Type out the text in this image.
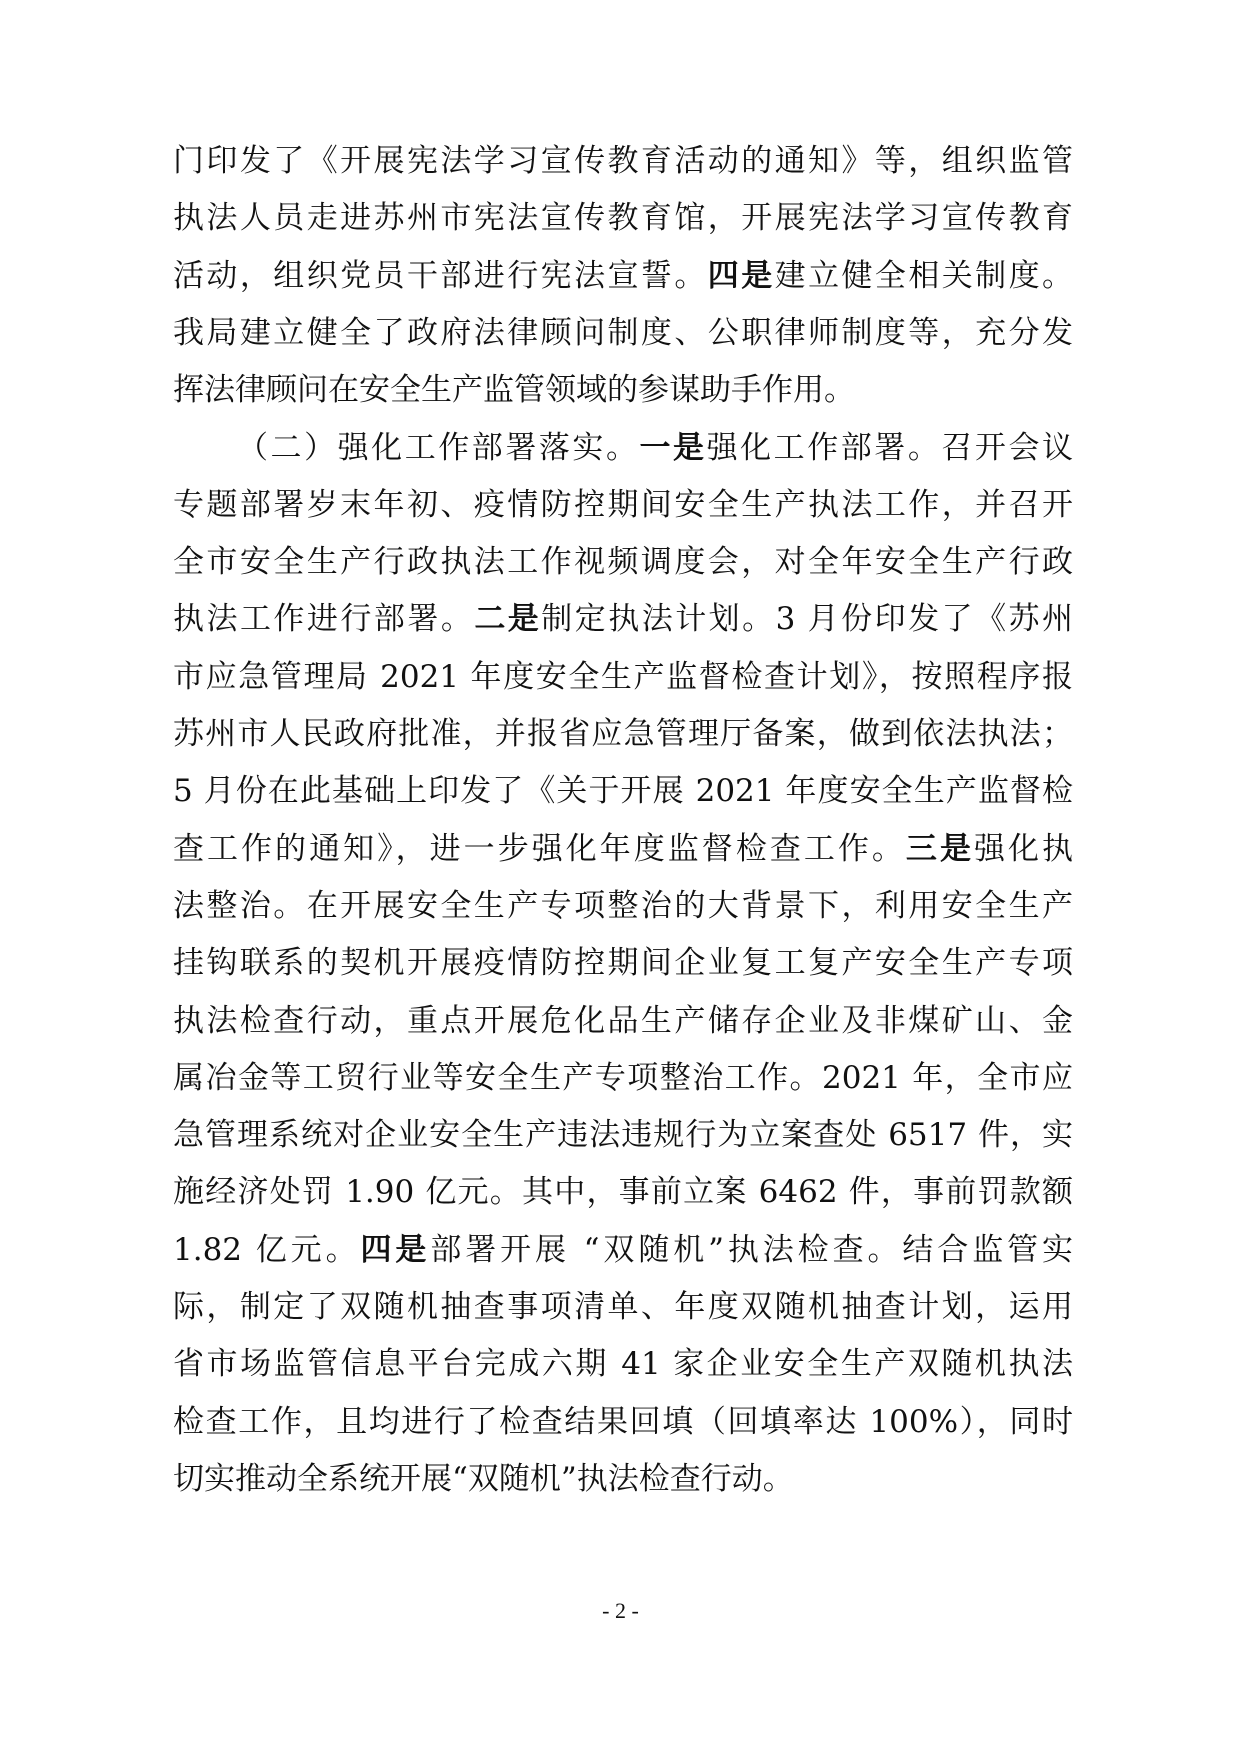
门印发了《开展宪法学习宣传教育活动的通知》等，组织监管
执法人员走进苏州市宪法宣传教育馆，开展宪法学习宣传教育
活动，组织党员干部进行宪法宣誓。四是建立健全相关制度。
我局建立健全了政府法律顾问制度、公职律师制度等，充分发
挥法律顾问在安全生产监管领域的参谋助手作用。
（二）强化工作部署落实。一是强化工作部署。召开会议
专题部署岁末年初、疫情防控期间安全生产执法工作，并召开
全市安全生产行政执法工作视频调度会，对全年安全生产行政
执法工作进行部署。二是制定执法计划。3 月份印发了《苏州
市应急管理局 2021 年度安全生产监督检查计划》，按照程序报
苏州市人民政府批准，并报省应急管理厅备案，做到依法执法；
5 月份在此基础上印发了《关于开展 2021 年度安全生产监督检
查工作的通知》，进一步强化年度监督检查工作。三是强化执
法整治。在开展安全生产专项整治的大背景下，利用安全生产
挂钩联系的契机开展疫情防控期间企业复工复产安全生产专项
执法检查行动，重点开展危化品生产储存企业及非煤矿山、金
属冶金等工贸行业等安全生产专项整治工作。2021 年，全市应
急管理系统对企业安全生产违法违规行为立案查处 6517 件，实
施经济处罚 1.90 亿元。其中，事前立案 6462 件，事前罚款额
1.82 亿元。四是部署开展 “双随机”执法检查。结合监管实
际，制定了双随机抽查事项清单、年度双随机抽查计划，运用
省市场监管信息平台完成六期 41 家企业安全生产双随机执法
检查工作，且均进行了检查结果回填（回填率达 100%），同时
切实推动全系统开展“双随机”执法检查行动。
- 2 -
